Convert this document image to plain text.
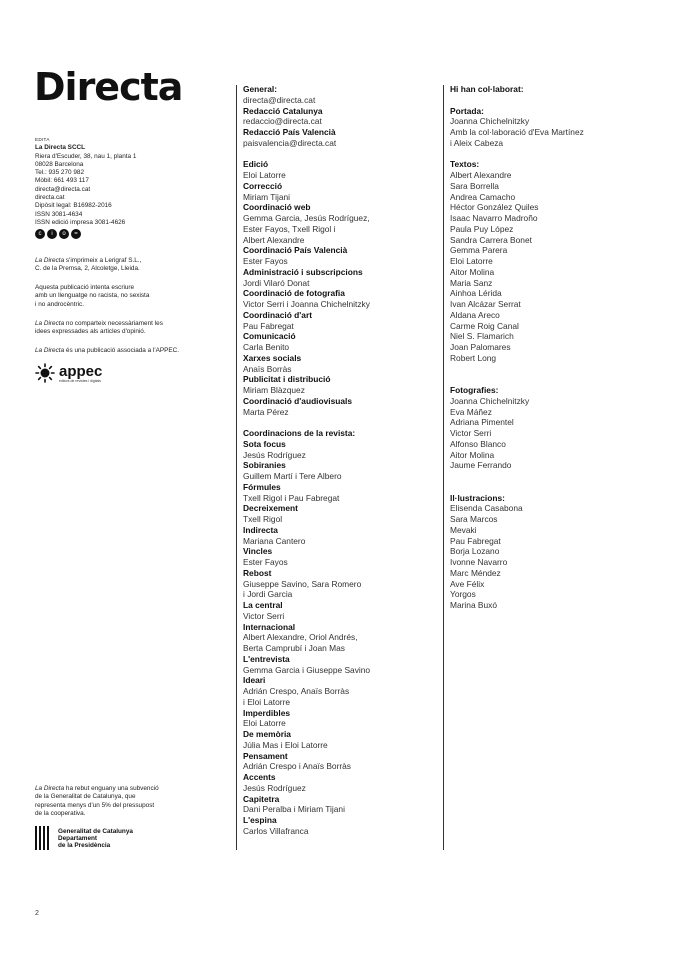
Directa

EDITA

La Directa SCCL

Riera d'Escuder, 38, nau 1, planta 1

08028 Barcelona

Tel.: 935 270 982

Mòbil: 661 493 117

directa@directa.cat

directa.cat

Dipòsit legal: B16982-2016

ISSN 3081-4634

ISSN edició impresa 3081-4626

c	i	o	=

La Directa s'imprimeix a Lerigraf S.L.,

C. de la Premsa, 2, Alcoletge, Lleida.

Aquesta publicació intenta escriure

amb un llenguatge no racista, no sexista

i no androcèntric.

La Directa no comparteix necessàriament les

idees expressades als articles d'opinió.

La Directa és una publicació associada a l'APPEC.

appec
editors de revistes i digitals

La Directa ha rebut enguany una subvenció

de la Generalitat de Catalunya, que

representa menys d'un 5% del pressupost

de la cooperativa.

Generalitat de Catalunya
Departament
de la Presidència
2
General:
directa@directa.cat
Redacció Catalunya
redaccio@directa.cat
Redacció País Valencià
paisvalencia@directa.cat
Edició
Eloi Latorre
Correcció
Miriam Tijani
Coordinació web
Gemma Garcia, Jesús Rodríguez,
Ester Fayos, Txell Rigol i
Albert Alexandre
Coordinació País Valencià
Ester Fayos
Administració i subscripcions
Jordi Vilaró Donat
Coordinació de fotografia
Victor Serri i Joanna Chichelnitzky
Coordinació d'art
Pau Fabregat
Comunicació
Carla Benito
Xarxes socials
Anaïs Borràs
Publicitat i distribució
Miriam Blàzquez
Coordinació d'audiovisuals
Marta Pérez
Coordinacions de la revista:
Sota focus
Jesús Rodríguez
Sobiranies
Guillem Martí i Tere Albero
Fórmules
Txell Rigol i Pau Fabregat
Decreixement
Txell Rigol
Indirecta
Mariana Cantero
Vincles
Ester Fayos
Rebost
Giuseppe Savino, Sara Romero
i Jordi Garcia
La central
Victor Serri
Internacional
Albert Alexandre, Oriol Andrés,
Berta Camprubí i Joan Mas
L'entrevista
Gemma Garcia i Giuseppe Savino
Ideari
Adrián Crespo, Anaïs Borràs
i Eloi Latorre
Imperdibles
Eloi Latorre
De memòria
Júlia Mas i Eloi Latorre
Pensament
Adrián Crespo i Anaïs Borràs
Accents
Jesús Rodríguez
Capitetra
Dani Peralba i Miriam Tijani
L'espina
Carlos Villafranca
Hi han col·laborat:
Portada:
Joanna Chichelnitzky
Amb la col·laboració d'Eva Martínez
i Aleix Cabeza
Textos:
Albert Alexandre
Sara Borrella
Andrea Camacho
Héctor González Quiles
Isaac Navarro Madroño
Paula Puy López
Sandra Carrera Bonet
Gemma Parera
Eloi Latorre
Aitor Molina
Maria Sanz
Ainhoa Lérida
Ivan Alcázar Serrat
Aldana Areco
Carme Roig Canal
Niel S. Flamarich
Joan Palomares
Robert Long
Fotografies:
Joanna Chichelnitzky
Eva Máñez
Adriana Pimentel
Victor Serri
Alfonso Blanco
Aitor Molina
Jaume Ferrando
Il·lustracions:
Elisenda Casabona
Sara Marcos
Mevaki
Pau Fabregat
Borja Lozano
Ivonne Navarro
Marc Méndez
Ave Félix
Yorgos
Marina Buxó
